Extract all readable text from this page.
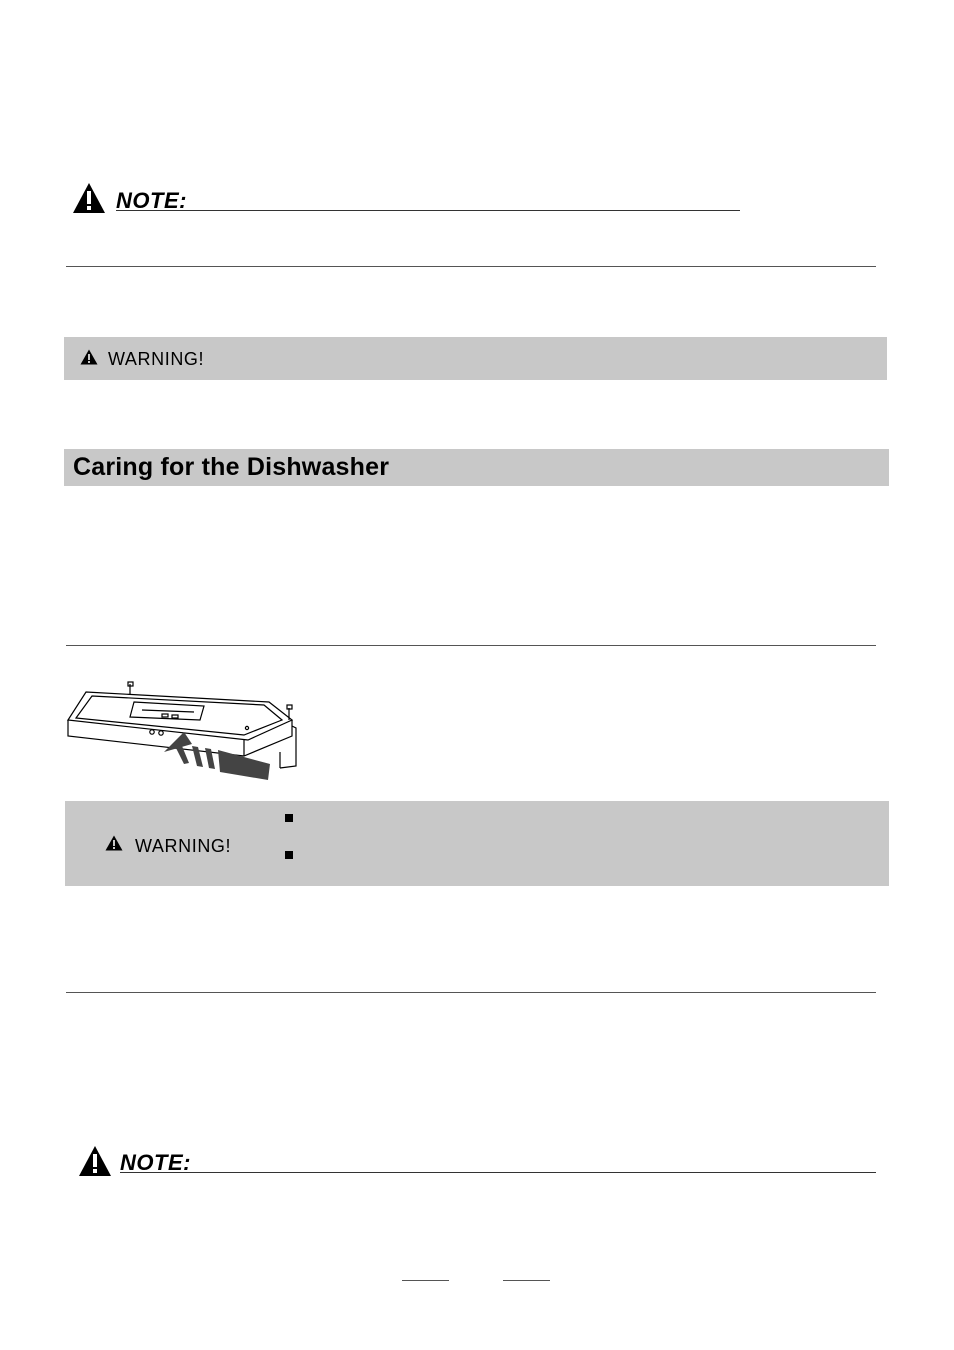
NOTE:
WARNING!
Caring for the Dishwasher
WARNING!
NOTE:
